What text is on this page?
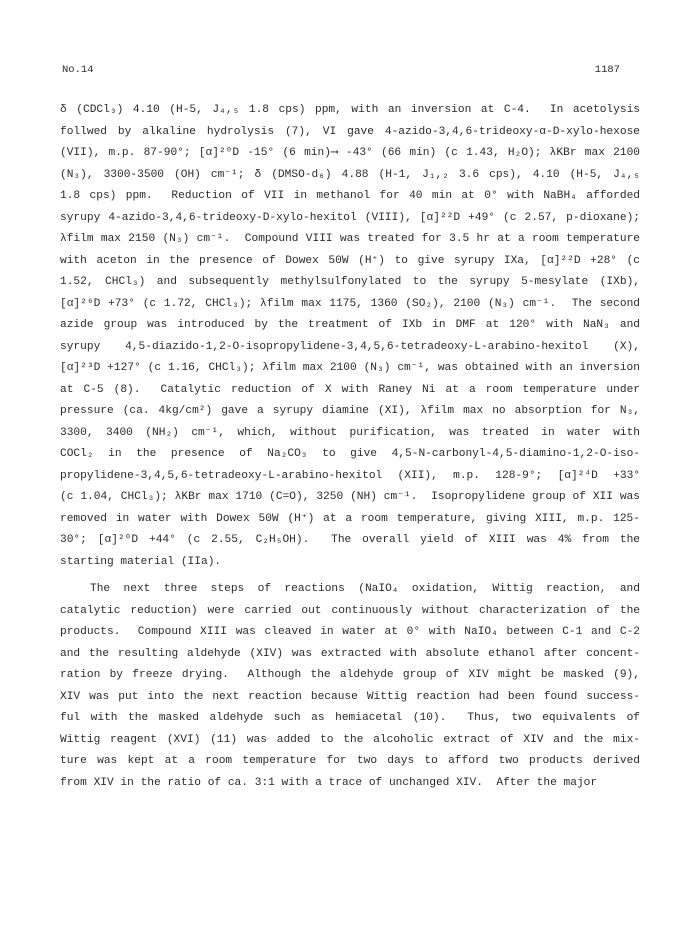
No.14	1187
δ (CDCl₃) 4.10 (H-5, J₄,₅ 1.8 cps) ppm, with an inversion at C-4.  In acetolysis
follwed by alkaline hydrolysis (7), VI gave 4-azido-3,4,6-trideoxy-α-D-xylo-hexose
(VII), m.p. 87-90°; [α]²⁰D -15° (6 min)⟶ -43° (66 min) (c 1.43, H₂O); λKBr max 2100
(N₃), 3300-3500 (OH) cm⁻¹; δ (DMSO-d₆) 4.88 (H-1, J₁,₂ 3.6 cps), 4.10 (H-5, J₄,₅
1.8 cps) ppm.  Reduction of VII in methanol for 40 min at 0° with NaBH₄ afforded
syrupy 4-azido-3,4,6-trideoxy-D-xylo-hexitol (VIII), [α]²²D +49° (c 2.57, p-dioxane);
λfilm max 2150 (N₃) cm⁻¹.  Compound VIII was treated for 3.5 hr at a room temperature
with aceton in the presence of Dowex 50W (H⁺) to give syrupy IXa, [α]²²D +28° (c
1.52, CHCl₃) and subsequently methylsulfonylated to the syrupy 5-mesylate (IXb),
[α]²⁶D +73° (c 1.72, CHCl₃); λfilm max 1175, 1360 (SO₂), 2100 (N₃) cm⁻¹.  The second
azide group was introduced by the treatment of IXb in DMF at 120° with NaN₃ and
syrupy 4,5-diazido-1,2-O-isopropylidene-3,4,5,6-tetradeoxy-L-arabino-hexitol (X),
[α]²³D +127° (c 1.16, CHCl₃); λfilm max 2100 (N₃) cm⁻¹, was obtained with an inversion
at C-5 (8).  Catalytic reduction of X with Raney Ni at a room temperature under
pressure (ca. 4kg/cm²) gave a syrupy diamine (XI), λfilm max no absorption for N₃,
3300, 3400 (NH₂) cm⁻¹, which, without purification, was treated in water with
COCl₂ in the presence of Na₂CO₃ to give 4,5-N-carbonyl-4,5-diamino-1,2-O-iso-
propylidene-3,4,5,6-tetradeoxy-L-arabino-hexitol (XII), m.p. 128-9°; [α]²⁴D +33°
(c 1.04, CHCl₃); λKBr max 1710 (C=O), 3250 (NH) cm⁻¹.  Isopropylidene group of XII was
removed in water with Dowex 50W (H⁺) at a room temperature, giving XIII, m.p. 125-
30°; [α]²⁰D +44° (c 2.55, C₂H₅OH).  The overall yield of XIII was 4% from the
starting material (IIa).
The next three steps of reactions (NaIO₄ oxidation, Wittig reaction, and
catalytic reduction) were carried out continuously without characterization of the
products.  Compound XIII was cleaved in water at 0° with NaIO₄ between C-1 and C-2
and the resulting aldehyde (XIV) was extracted with absolute ethanol after concent-
ration by freeze drying.  Although the aldehyde group of XIV might be masked (9),
XIV was put into the next reaction because Wittig reaction had been found success-
ful with the masked aldehyde such as hemiacetal (10).  Thus, two equivalents of
Wittig reagent (XVI) (11) was added to the alcoholic extract of XIV and the mix-
ture was kept at a room temperature for two days to afford two products derived
from XIV in the ratio of ca. 3:1 with a trace of unchanged XIV.  After the major
